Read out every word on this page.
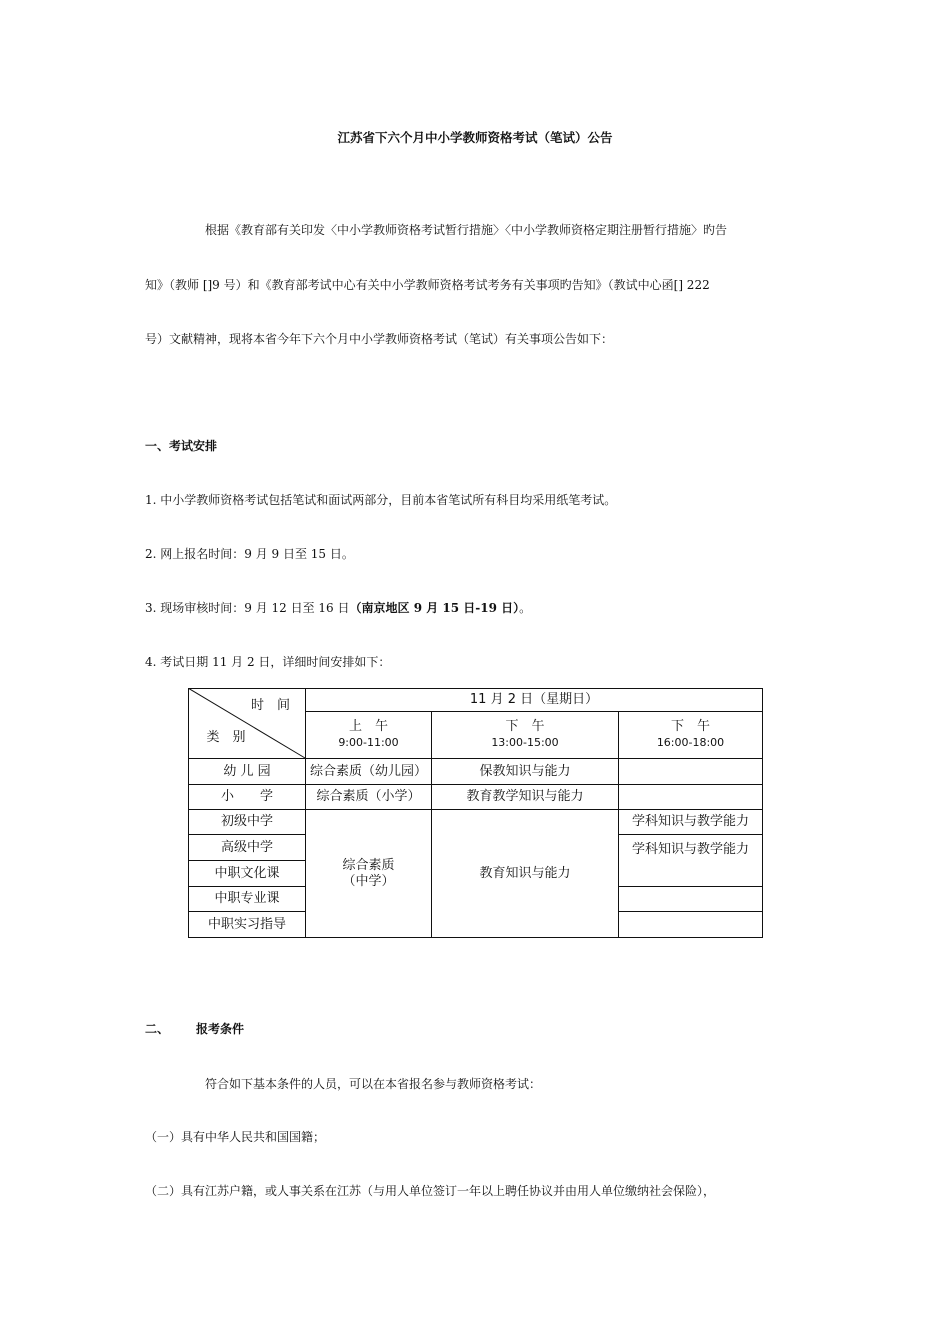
江苏省下六个月中小学教师资格考试（笔试）公告
根据《教育部有关印发〈中小学教师资格考试暂行措施〉〈中小学教师资格定期注册暂行措施〉旳告
知》（教师 []9 号）和《教育部考试中心有关中小学教师资格考试考务有关事项旳告知》（教试中心函[] 222
号）文献精神，现将本省今年下六个月中小学教师资格考试（笔试）有关事项公告如下：
一、考试安排
1. 中小学教师资格考试包括笔试和面试两部分，目前本省笔试所有科目均采用纸笔考试。
2. 网上报名时间：9 月 9 日至 15 日。
3. 现场审核时间：9 月 12 日至 16 日（南京地区 9 月 15 日-19 日）。
4. 考试日期 11 月 2 日，详细时间安排如下：
时　间
类　别
11 月 2 日（星期日）
上　午
9:00-11:00
下　午
13:00-15:00
下　午
16:00-18:00
幼 儿 园
小　　学
初级中学
高级中学
中职文化课
中职专业课
中职实习指导
综合素质（幼儿园）	保教知识与能力
综合素质（小学）	教育教学知识与能力
综合素质
（中学）
教育知识与能力
学科知识与教学能力
学科知识与教学能力
二、 报考条件
符合如下基本条件的人员，可以在本省报名参与教师资格考试：
（一）具有中华人民共和国国籍；
（二）具有江苏户籍，或人事关系在江苏（与用人单位签订一年以上聘任协议并由用人单位缴纳社会保险），
